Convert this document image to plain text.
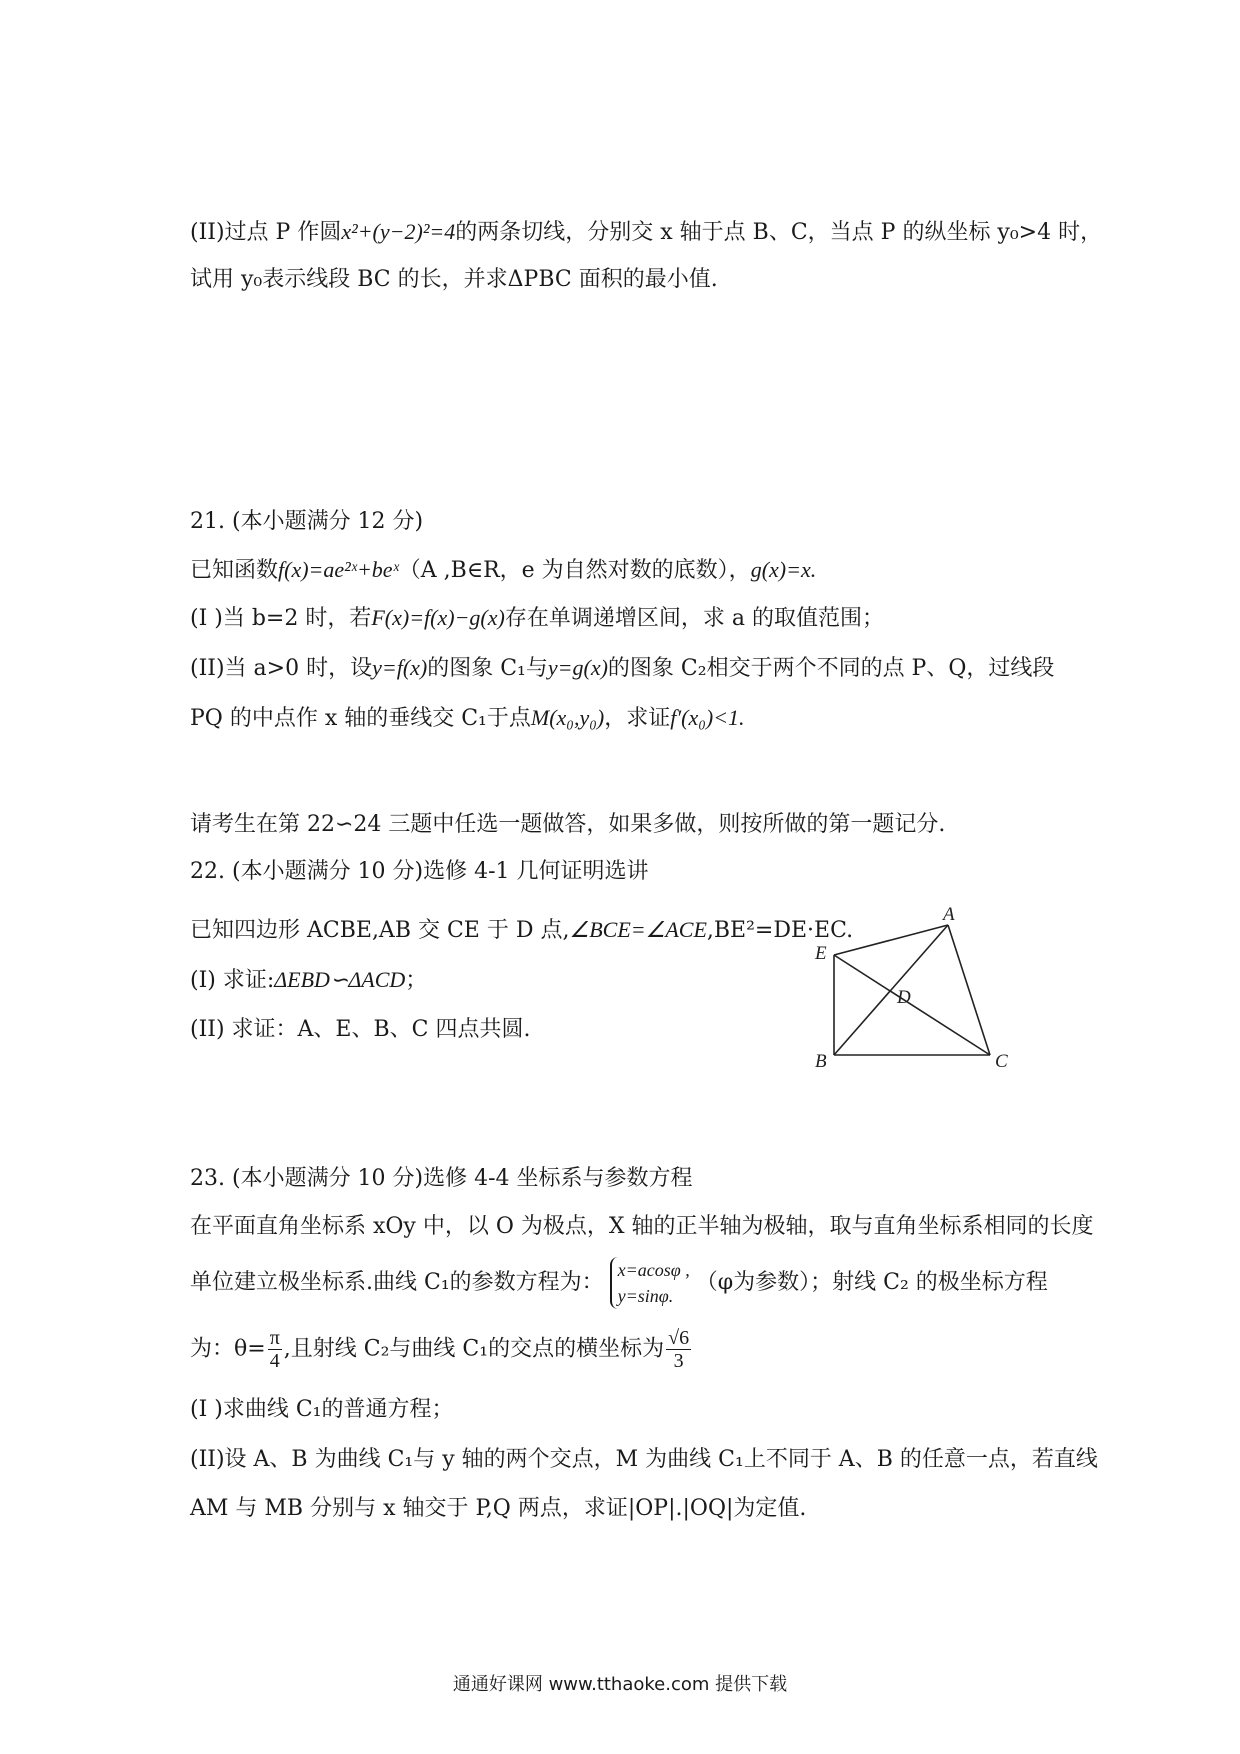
(II)过点 P 作圆x²+(y−2)²=4的两条切线，分别交 x 轴于点 B、C，当点 P 的纵坐标 y₀>4 时，
试用 y₀表示线段 BC 的长，并求ΔPBC 面积的最小值.
21. (本小题满分 12 分)
已知函数f(x)=ae²ˣ+beˣ（A ,B∈R，e 为自然对数的底数），g(x)=x.
(I )当 b=2 时，若F(x)=f(x)−g(x)存在单调递增区间，求 a 的取值范围；
(II)当 a>0 时，设y=f(x)的图象 C₁与y=g(x)的图象 C₂相交于两个不同的点 P、Q，过线段
PQ 的中点作 x 轴的垂线交 C₁于点M(x₀,y₀)，求证f′(x₀)<1.
请考生在第 22∽24 三题中任选一题做答，如果多做，则按所做的第一题记分.
22. (本小题满分 10 分)选修 4-1 几何证明选讲
已知四边形 ACBE,AB 交 CE 于 D 点,∠BCE=∠ACE,BE²=DE·EC.
(Ⅰ) 求证:ΔEBD∽ΔACD；
(ⅠⅠ) 求证：A、E、B、C 四点共圆.
A
E
D
B	C
23. (本小题满分 10 分)选修 4-4 坐标系与参数方程
在平面直角坐标系 xOy 中，以 O 为极点，X 轴的正半轴为极轴，取与直角坐标系相同的长度
单位建立极坐标系.曲线 C₁的参数方程为： x=acosφ ,
y=sinφ.
（φ为参数）；射线 C₂ 的极坐标方程
为：$\theta= \frac{\pi}{4}$ ,且射线 C₂与曲线 C₁的交点的横坐标为 $\frac{√6}{3}$
(I )求曲线 C₁的普通方程；
(II)设 A、B 为曲线 C₁与 y 轴的两个交点，M 为曲线 C₁上不同于 A、B 的任意一点，若直线
AM 与 MB 分别与 x 轴交于 P,Q 两点，求证|OP|.|OQ|为定值.
通通好课网 www.tthaoke.com 提供下载
